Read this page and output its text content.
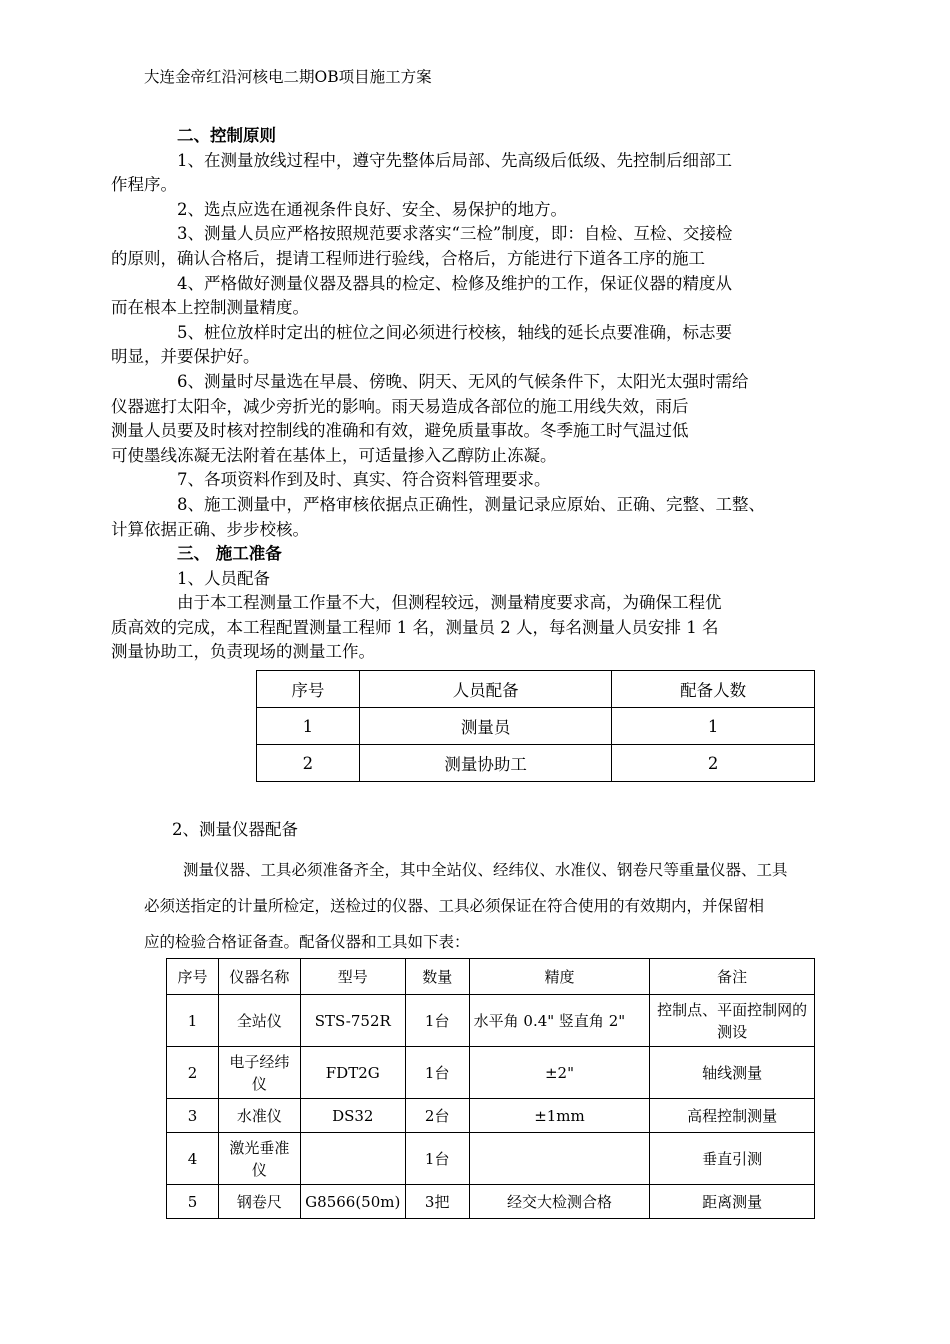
大连金帝红沿河核电二期OB项目施工方案

二、控制原则

1、在测量放线过程中，遵守先整体后局部、先高级后低级、先控制后细部工
作程序。

2、选点应选在通视条件良好、安全、易保护的地方。

3、测量人员应严格按照规范要求落实“三检”制度，即：自检、互检、交接检
的原则，确认合格后，提请工程师进行验线，合格后，方能进行下道各工序的施工

4、严格做好测量仪器及器具的检定、检修及维护的工作，保证仪器的精度从
而在根本上控制测量精度。

5、桩位放样时定出的桩位之间必须进行校核，轴线的延长点要准确，标志要
明显，并要保护好。

6、测量时尽量选在早晨、傍晚、阴天、无风的气候条件下，太阳光太强时需给
仪器遮打太阳伞，减少旁折光的影响。雨天易造成各部位的施工用线失效，雨后
测量人员要及时核对控制线的准确和有效，避免质量事故。冬季施工时气温过低
可使墨线冻凝无法附着在基体上，可适量掺入乙醇防止冻凝。

7、各项资料作到及时、真实、符合资料管理要求。

8、施工测量中，严格审核依据点正确性，测量记录应原始、正确、完整、工整、
计算依据正确、步步校核。

三、 施工准备

1、人员配备

由于本工程测量工作量不大，但测程较远，测量精度要求高，为确保工程优
质高效的完成，本工程配置测量工程师 1 名，测量员 2 人，每名测量人员安排 1 名
测量协助工，负责现场的测量工作。

序号	人员配备	配备人数
1	测量员	1
2	测量协助工	2
2、测量仪器配备
测量仪器、工具必须准备齐全，其中全站仪、经纬仪、水准仪、钢卷尺等重量仪器、工具
必须送指定的计量所检定，送检过的仪器、工具必须保证在符合使用的有效期内，并保留相
应的检验合格证备查。配备仪器和工具如下表：
序号	仪器名称	型号	数量	精度	备注
1	全站仪	STS-752R	1台	水平角 0.4" 竖直角 2"	控制点、平面控制网的测设
2	电子经纬仪	FDT2G	1台	±2"	轴线测量
3	水准仪	DS32	2台	±1mm	高程控制测量
4	激光垂准仪		1台		垂直引测
5	钢卷尺	G8566(50m)	3把	经交大检测合格	距离测量
